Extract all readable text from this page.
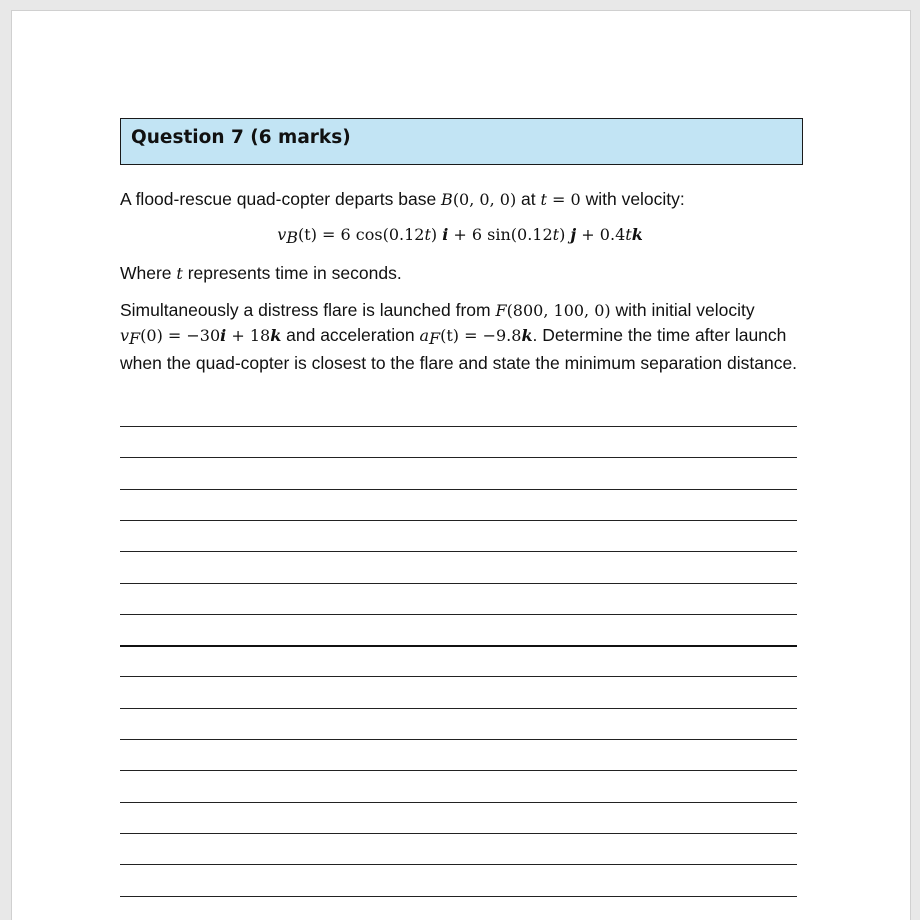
Question 7 (6 marks)
A flood-rescue quad-copter departs base B(0, 0, 0) at t = 0 with velocity:
$v_B(t) = 6$ cos(0.12t) i + 6 sin(0.12t) j + 0.4tk
Where t represents time in seconds.
Simultaneously a distress flare is launched from F(800, 100, 0) with initial velocity
$v_F(0) = -30i + 18k$ and acceleration $a_F(t) = -9.8k$. Determine the time after launch when the quad-copter is closest to the flare and state the minimum separation distance.
